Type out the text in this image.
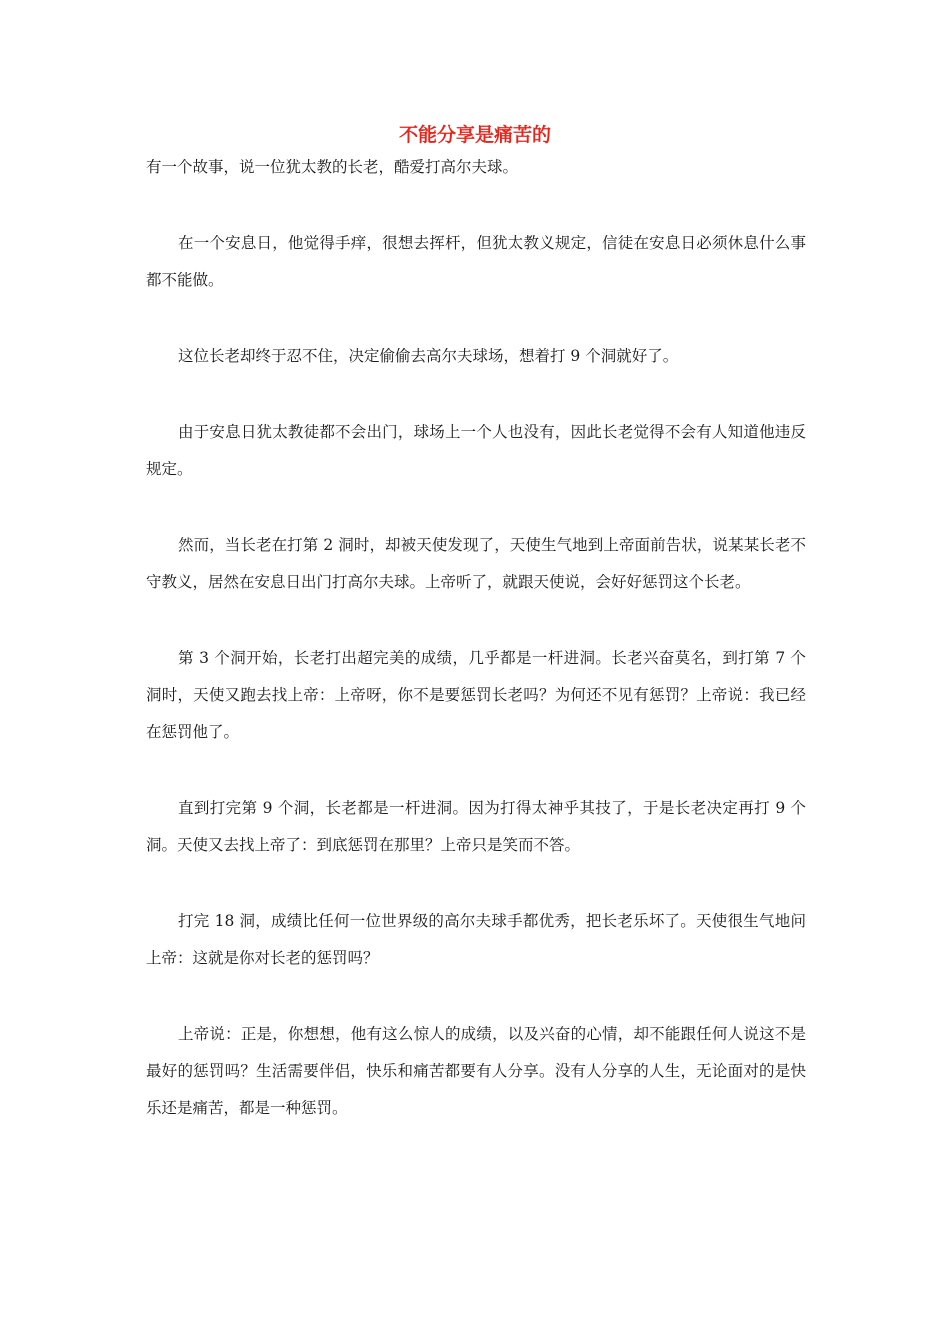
不能分享是痛苦的

有一个故事，说一位犹太教的长老，酷爱打高尔夫球。

在一个安息日，他觉得手痒，很想去挥杆，但犹太教义规定，信徒在安息日必须休息什么事都不能做。

这位长老却终于忍不住，决定偷偷去高尔夫球场，想着打 9 个洞就好了。

由于安息日犹太教徒都不会出门，球场上一个人也没有，因此长老觉得不会有人知道他违反规定。

然而，当长老在打第 2 洞时，却被天使发现了，天使生气地到上帝面前告状，说某某长老不守教义，居然在安息日出门打高尔夫球。上帝听了，就跟天使说，会好好惩罚这个长老。

第 3 个洞开始，长老打出超完美的成绩，几乎都是一杆进洞。长老兴奋莫名，到打第 7 个洞时，天使又跑去找上帝：上帝呀，你不是要惩罚长老吗？为何还不见有惩罚？上帝说：我已经在惩罚他了。

直到打完第 9 个洞，长老都是一杆进洞。因为打得太神乎其技了，于是长老决定再打 9 个洞。天使又去找上帝了：到底惩罚在那里？上帝只是笑而不答。

打完 18 洞，成绩比任何一位世界级的高尔夫球手都优秀，把长老乐坏了。天使很生气地问上帝：这就是你对长老的惩罚吗？

上帝说：正是，你想想，他有这么惊人的成绩，以及兴奋的心情，却不能跟任何人说这不是最好的惩罚吗？生活需要伴侣，快乐和痛苦都要有人分享。没有人分享的人生，无论面对的是快乐还是痛苦，都是一种惩罚。
